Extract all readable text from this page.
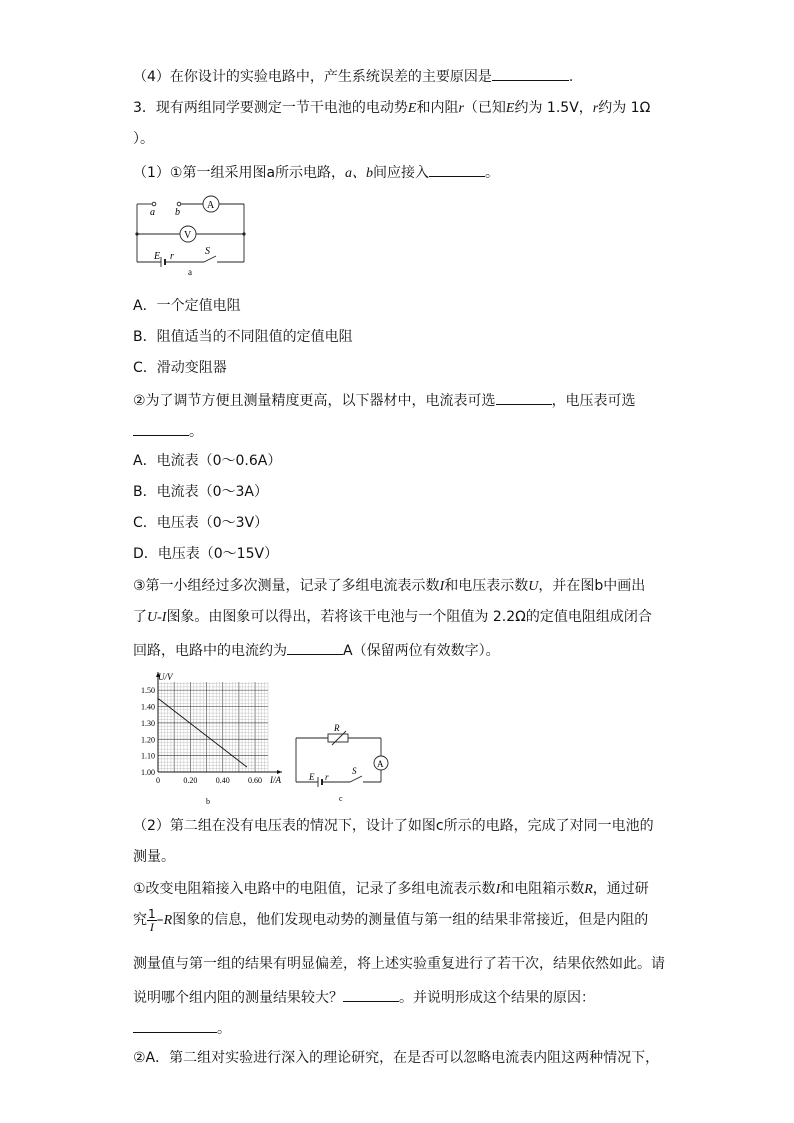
（4）在你设计的实验电路中，产生系统误差的主要原因是	.
3．现有两组同学要测定一节干电池的电动势E和内阻r（已知E约为 1.5V，r约为 1Ω
）。
（1）①第一组采用图a所示电路，a、b间应接入	。
a b
A
V
E r	S
a
A．一个定值电阻
B．阻值适当的不同阻值的定值电阻
C．滑动变阻器
②为了调节方便且测量精度更高，以下器材中，电流表可选	，电压表可选
。
A．电流表（0～0.6A）
B．电流表（0～3A）
C．电压表（0～3V）
D．电压表（0～15V）
③第一小组经过多次测量，记录了多组电流表示数I和电压表示数U，并在图b中画出
了U-I图象。由图象可以得出，若将该干电池与一个阻值为 2.2Ω的定值电阻组成闭合
回路，电路中的电流约为	A（保留两位有效数字）。
1.50
1.40
1.30
1.20
1.10
1.00
0	0.20 0.40 0.60
U/V
I/A
b
R
A
E r
S
c
（2）第二组在没有电压表的情况下，设计了如图c所示的电路，完成了对同一电池的
测量。
①改变电阻箱接入电路中的电阻值，记录了多组电流表示数I和电阻箱示数R，通过研
究 $\frac{1}{I} -R$图象的信息，他们发现电动势的测量值与第一组的结果非常接近，但是内阻的
测量值与第一组的结果有明显偏差，将上述实验重复进行了若干次，结果依然如此。请
说明哪个组内阻的测量结果较大？	。并说明形成这个结果的原因：
。
②A．第二组对实验进行深入的理论研究，在是否可以忽略电流表内阻这两种情况下，
